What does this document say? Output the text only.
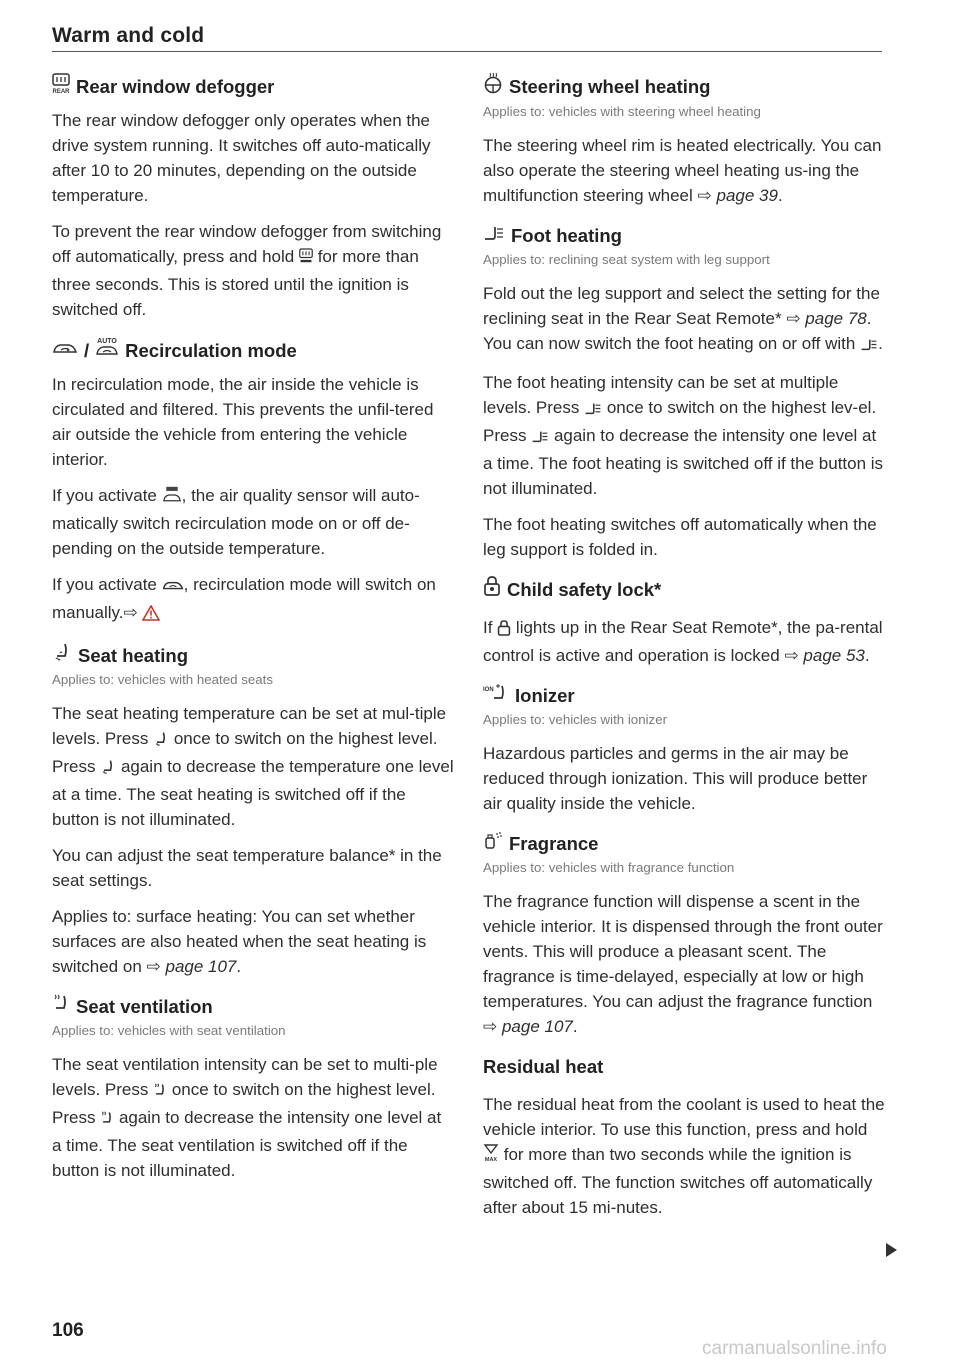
Warm and cold
REAR Rear window defogger

The rear window defogger only operates when the drive system running. It switches off auto-matically after 10 to 20 minutes, depending on the outside temperature.

To prevent the rear window defogger from switching off automatically, press and hold for more than three seconds. This is stored until the ignition is switched off.

/ AUTO Recirculation mode

In recirculation mode, the air inside the vehicle is circulated and filtered. This prevents the unfil-tered air outside the vehicle from entering the vehicle interior.

If you activate , the air quality sensor will auto-matically switch recirculation mode on or off de-pending on the outside temperature.

If you activate , recirculation mode will switch on manually.⇨

Seat heating
Applies to: vehicles with heated seats

The seat heating temperature can be set at mul-tiple levels. Press once to switch on the highest level. Press again to decrease the temperature one level at a time. The seat heating is switched off if the button is not illuminated.

You can adjust the seat temperature balance* in the seat settings.

Applies to: surface heating: You can set whether surfaces are also heated when the seat heating is switched on ⇨ page 107.

Seat ventilation
Applies to: vehicles with seat ventilation

The seat ventilation intensity can be set to multi-ple levels. Press once to switch on the highest level. Press again to decrease the intensity one level at a time. The seat ventilation is switched off if the button is not illuminated.

Steering wheel heating
Applies to: vehicles with steering wheel heating

The steering wheel rim is heated electrically. You can also operate the steering wheel heating us-ing the multifunction steering wheel ⇨ page 39.

Foot heating
Applies to: reclining seat system with leg support

Fold out the leg support and select the setting for the reclining seat in the Rear Seat Remote* ⇨ page 78. You can now switch the foot heating on or off with .

The foot heating intensity can be set at multiple levels. Press once to switch on the highest lev-el. Press again to decrease the intensity one level at a time. The foot heating is switched off if the button is not illuminated.

The foot heating switches off automatically when the leg support is folded in.

Child safety lock*

If lights up in the Rear Seat Remote*, the pa-rental control is active and operation is locked ⇨ page 53.

ION Ionizer
Applies to: vehicles with ionizer

Hazardous particles and germs in the air may be reduced through ionization. This will produce better air quality inside the vehicle.

Fragrance
Applies to: vehicles with fragrance function

The fragrance function will dispense a scent in the vehicle interior. It is dispensed through the front outer vents. This will produce a pleasant scent. The fragrance is time-delayed, especially at low or high temperatures. You can adjust the fragrance function ⇨ page 107.

Residual heat

The residual heat from the coolant is used to heat the vehicle interior. To use this function, press and hold
MAX for more than two seconds while the ignition is switched off. The function switches off automatically after about 15 mi-nutes.

106
carmanualsonline.info
